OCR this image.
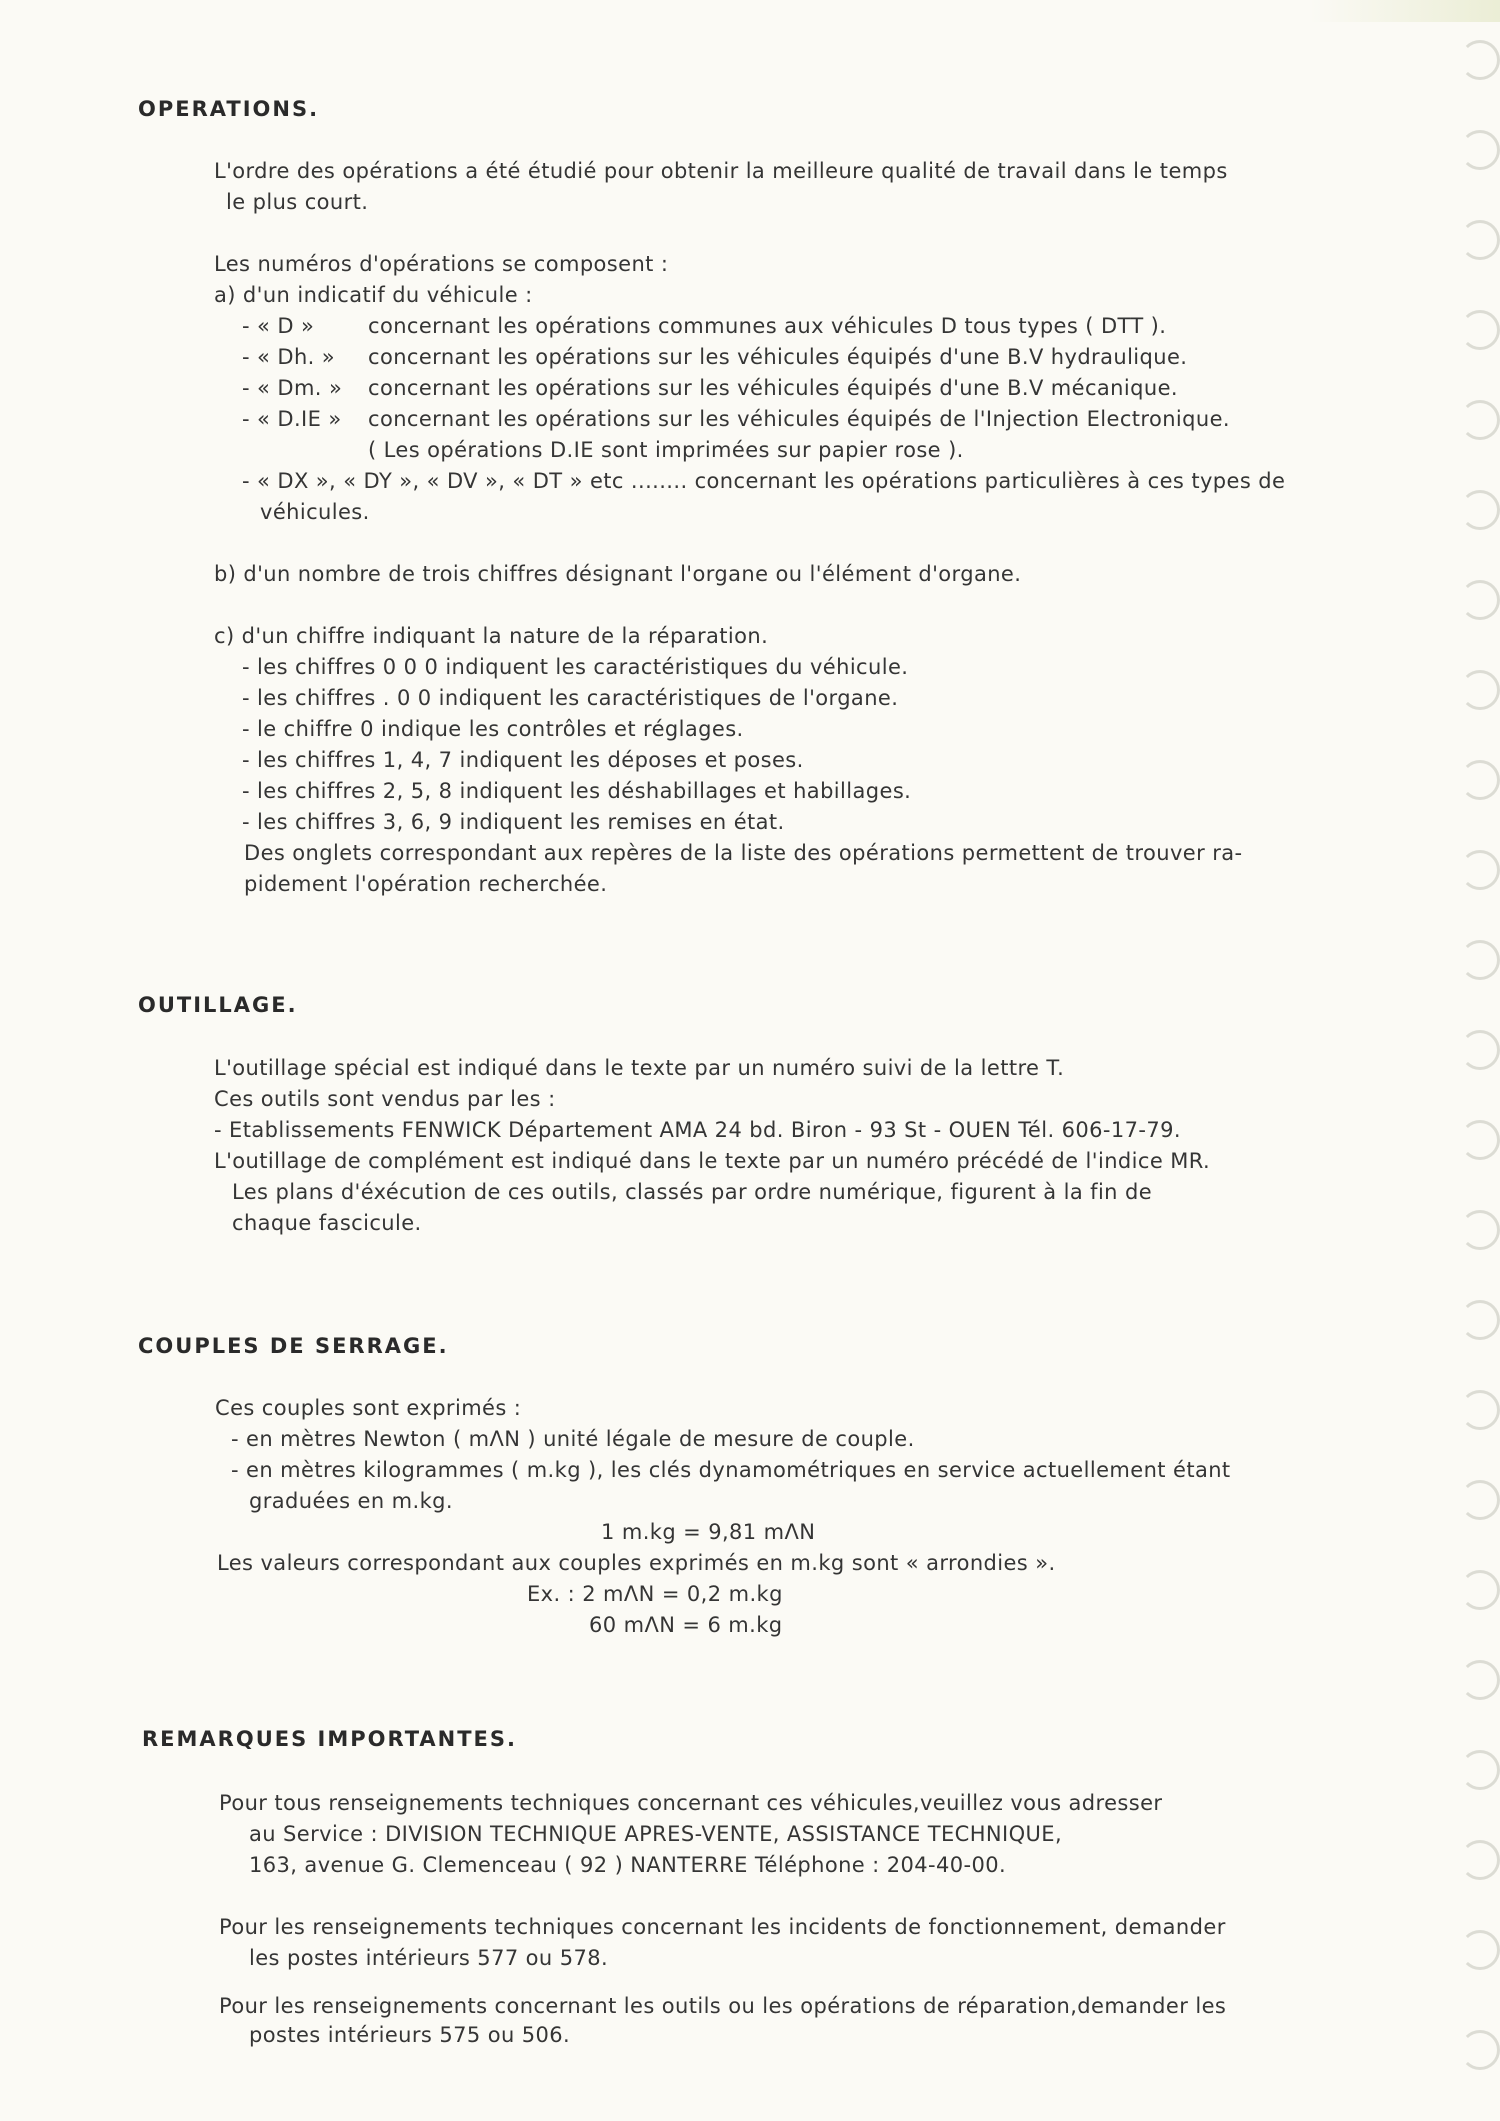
OPERATIONS.
L'ordre des opérations a été étudié pour obtenir la meilleure qualité de travail dans le temps
le plus court.
Les numéros d'opérations se composent :
a) d'un indicatif du véhicule :
- « D »	concernant les opérations communes aux véhicules D tous types ( DTT ).
- « Dh. » concernant les opérations sur les véhicules équipés d'une B.V hydraulique.
- « Dm. » concernant les opérations sur les véhicules équipés d'une B.V mécanique.
- « D.IE » concernant les opérations sur les véhicules équipés de l'Injection Electronique.
( Les opérations D.IE sont imprimées sur papier rose ).
- « DX », « DY », « DV », « DT » etc ........ concernant les opérations particulières à ces types de
véhicules.
b) d'un nombre de trois chiffres désignant l'organe ou l'élément d'organe.
c) d'un chiffre indiquant la nature de la réparation.
- les chiffres 0 0 0 indiquent les caractéristiques du véhicule.
- les chiffres . 0 0 indiquent les caractéristiques de l'organe.
- le chiffre 0 indique les contrôles et réglages.
- les chiffres 1, 4, 7 indiquent les déposes et poses.
- les chiffres 2, 5, 8 indiquent les déshabillages et habillages.
- les chiffres 3, 6, 9 indiquent les remises en état.
Des onglets correspondant aux repères de la liste des opérations permettent de trouver ra-
pidement l'opération recherchée.
OUTILLAGE.
L'outillage spécial est indiqué dans le texte par un numéro suivi de la lettre T.
Ces outils sont vendus par les :
- Etablissements FENWICK Département AMA 24 bd. Biron - 93 St - OUEN Tél. 606-17-79.
L'outillage de complément est indiqué dans le texte par un numéro précédé de l'indice MR.
Les plans d'éxécution de ces outils, classés par ordre numérique, figurent à la fin de
chaque fascicule.
COUPLES DE SERRAGE.
Ces couples sont exprimés :
- en mètres Newton ( mΛN ) unité légale de mesure de couple.
- en mètres kilogrammes ( m.kg ), les clés dynamométriques en service actuellement étant
graduées en m.kg.
1 m.kg = 9,81 mΛN
Les valeurs correspondant aux couples exprimés en m.kg sont « arrondies ».
Ex. : 2 mΛN = 0,2 m.kg
60 mΛN = 6 m.kg
REMARQUES IMPORTANTES.
Pour tous renseignements techniques concernant ces véhicules,veuillez vous adresser
au Service : DIVISION TECHNIQUE APRES-VENTE, ASSISTANCE TECHNIQUE,
163, avenue G. Clemenceau ( 92 ) NANTERRE Téléphone : 204-40-00.
Pour les renseignements techniques concernant les incidents de fonctionnement, demander
les postes intérieurs 577 ou 578.
Pour les renseignements concernant les outils ou les opérations de réparation,demander les
postes intérieurs 575 ou 506.
